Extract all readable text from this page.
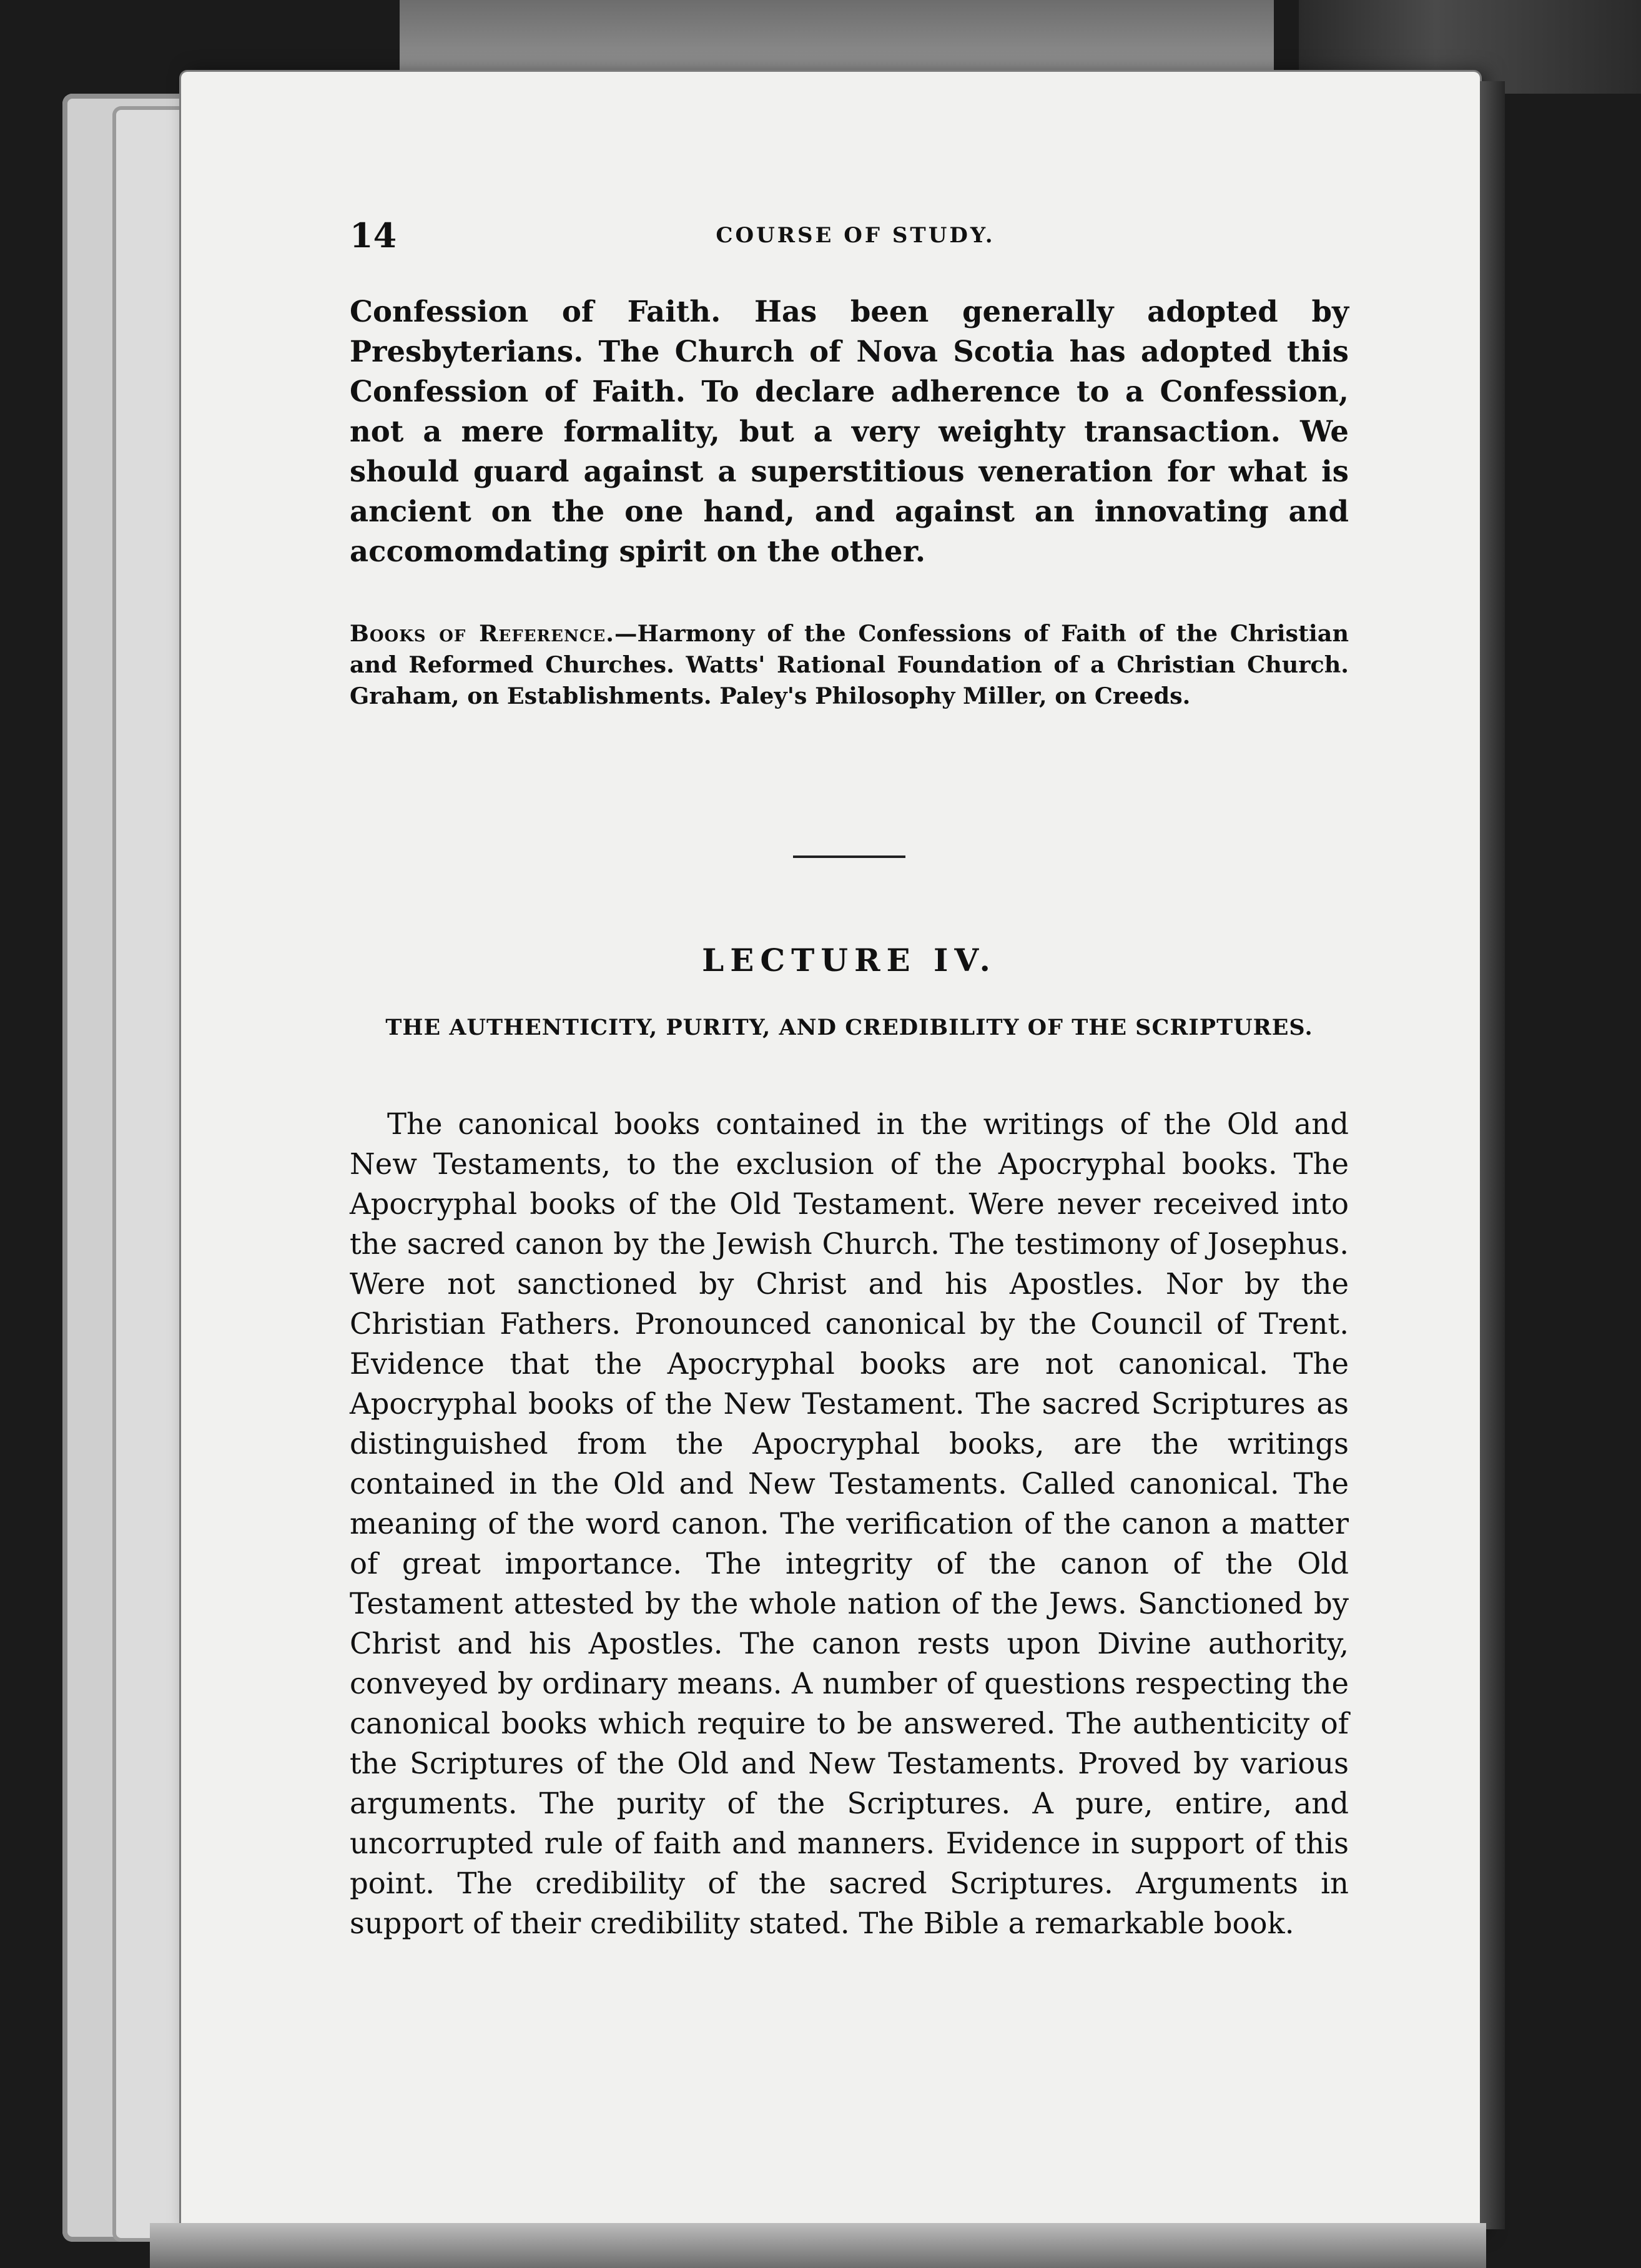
14	COURSE OF STUDY.

Confession of Faith. Has been generally adopted by Presbyterians. The Church of Nova Scotia has adopted this Confession of Faith. To declare adherence to a Confession, not a mere formality, but a very weighty transaction. We should guard against a superstitious veneration for what is ancient on the one hand, and against an innovating and accomomdating spirit on the other.

Books of Reference.—Harmony of the Confessions of Faith of the Christian and Reformed Churches. Watts' Rational Foundation of a Christian Church. Graham, on Establishments. Paley's Philosophy Miller, on Creeds.

LECTURE IV.
THE AUTHENTICITY, PURITY, AND CREDIBILITY OF THE SCRIPTURES.

The canonical books contained in the writings of the Old and New Testaments, to the exclusion of the Apocryphal books. The Apocryphal books of the Old Testament. Were never received into the sacred canon by the Jewish Church. The testimony of Josephus. Were not sanctioned by Christ and his Apostles. Nor by the Christian Fathers. Pronounced canonical by the Council of Trent. Evidence that the Apocryphal books are not canonical. The Apocryphal books of the New Testament. The sacred Scriptures as distinguished from the Apocryphal books, are the writings contained in the Old and New Testaments. Called canonical. The meaning of the word canon. The verification of the canon a matter of great importance. The integrity of the canon of the Old Testament attested by the whole nation of the Jews. Sanctioned by Christ and his Apostles. The canon rests upon Divine authority, conveyed by ordinary means. A number of questions respecting the canonical books which require to be answered. The authenticity of the Scriptures of the Old and New Testaments. Proved by various arguments. The purity of the Scriptures. A pure, entire, and uncorrupted rule of faith and manners. Evidence in support of this point. The credibility of the sacred Scriptures. Arguments in support of their credibility stated. The Bible a remarkable book.
